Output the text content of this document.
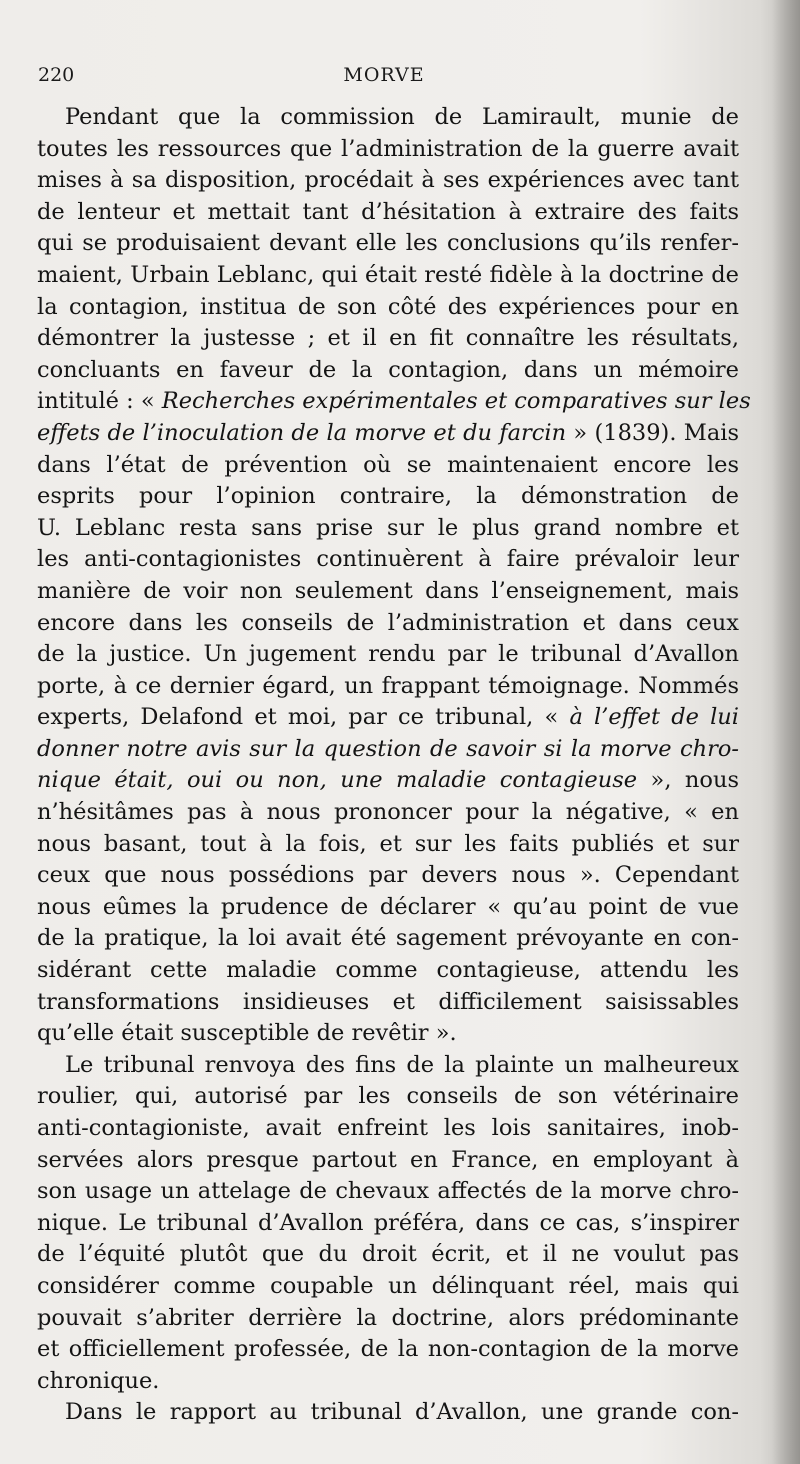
220	MORVE
Pendant que la commission de Lamirault, munie de
toutes les ressources que l’administration de la guerre avait
mises à sa disposition, procédait à ses expériences avec tant
de lenteur et mettait tant d’hésitation à extraire des faits
qui se produisaient devant elle les conclusions qu’ils renfer-
maient, Urbain Leblanc, qui était resté fidèle à la doctrine de
la contagion, institua de son côté des expériences pour en
démontrer la justesse ; et il en fit connaître les résultats,
concluants en faveur de la contagion, dans un mémoire
intitulé : « Recherches expérimentales et comparatives sur les
effets de l’inoculation de la morve et du farcin » (1839). Mais
dans l’état de prévention où se maintenaient encore les
esprits pour l’opinion contraire, la démonstration de
U. Leblanc resta sans prise sur le plus grand nombre et
les anti-contagionistes continuèrent à faire prévaloir leur
manière de voir non seulement dans l’enseignement, mais
encore dans les conseils de l’administration et dans ceux
de la justice. Un jugement rendu par le tribunal d’Avallon
porte, à ce dernier égard, un frappant témoignage. Nommés
experts, Delafond et moi, par ce tribunal, « à l’effet de lui
donner notre avis sur la question de savoir si la morve chro-
nique était, oui ou non, une maladie contagieuse », nous
n’hésitâmes pas à nous prononcer pour la négative, « en
nous basant, tout à la fois, et sur les faits publiés et sur
ceux que nous possédions par devers nous ». Cependant
nous eûmes la prudence de déclarer « qu’au point de vue
de la pratique, la loi avait été sagement prévoyante en con-
sidérant cette maladie comme contagieuse, attendu les
transformations insidieuses et difficilement saisissables
qu’elle était susceptible de revêtir ».
Le tribunal renvoya des fins de la plainte un malheureux
roulier, qui, autorisé par les conseils de son vétérinaire
anti-contagioniste, avait enfreint les lois sanitaires, inob-
servées alors presque partout en France, en employant à
son usage un attelage de chevaux affectés de la morve chro-
nique. Le tribunal d’Avallon préféra, dans ce cas, s’inspirer
de l’équité plutôt que du droit écrit, et il ne voulut pas
considérer comme coupable un délinquant réel, mais qui
pouvait s’abriter derrière la doctrine, alors prédominante
et officiellement professée, de la non-contagion de la morve
chronique.
Dans le rapport au tribunal d’Avallon, une grande con-
